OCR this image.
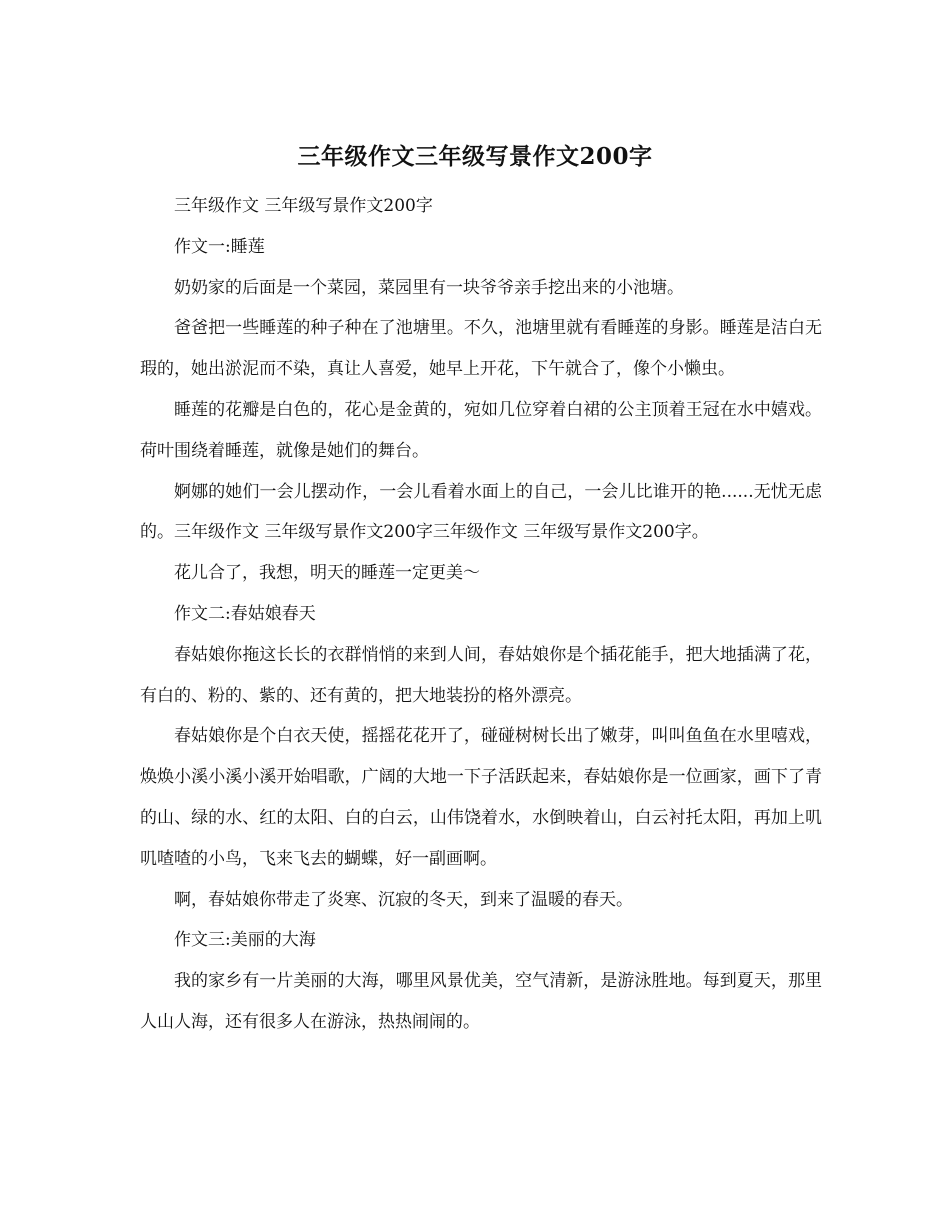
三年级作文三年级写景作文200字

三年级作文 三年级写景作文200字

作文一:睡莲

奶奶家的后面是一个菜园，菜园里有一块爷爷亲手挖出来的小池塘。

爸爸把一些睡莲的种子种在了池塘里。不久，池塘里就有看睡莲的身影。睡莲是洁白无瑕的，她出淤泥而不染，真让人喜爱，她早上开花，下午就合了，像个小懒虫。

睡莲的花瓣是白色的，花心是金黄的，宛如几位穿着白裙的公主顶着王冠在水中嬉戏。荷叶围绕着睡莲，就像是她们的舞台。

婀娜的她们一会儿摆动作，一会儿看着水面上的自己，一会儿比谁开的艳......无忧无虑的。三年级作文 三年级写景作文200字三年级作文 三年级写景作文200字。

花儿合了，我想，明天的睡莲一定更美～

作文二:春姑娘春天

春姑娘你拖这长长的衣群悄悄的来到人间，春姑娘你是个插花能手，把大地插满了花，有白的、粉的、紫的、还有黄的，把大地装扮的格外漂亮。

春姑娘你是个白衣天使，摇摇花花开了，碰碰树树长出了嫩芽，叫叫鱼鱼在水里嘻戏，焕焕小溪小溪小溪开始唱歌，广阔的大地一下子活跃起来，春姑娘你是一位画家，画下了青的山、绿的水、红的太阳、白的白云，山伟饶着水，水倒映着山，白云衬托太阳，再加上叽叽喳喳的小鸟，飞来飞去的蝴蝶，好一副画啊。

啊，春姑娘你带走了炎寒、沉寂的冬天，到来了温暖的春天。

作文三:美丽的大海

我的家乡有一片美丽的大海，哪里风景优美，空气清新，是游泳胜地。每到夏天，那里人山人海，还有很多人在游泳，热热闹闹的。
